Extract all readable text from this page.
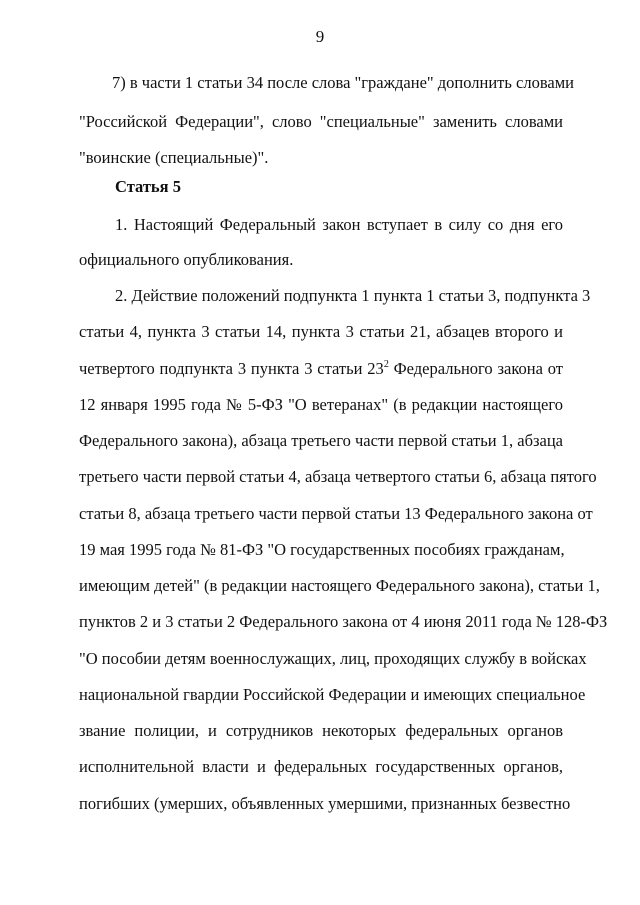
9
7) в части 1 статьи 34 после слова "граждане" дополнить словами
"Российской Федерации", слово "специальные" заменить словами
"воинские (специальные)".
Статья 5
1. Настоящий Федеральный закон вступает в силу со дня его
официального опубликования.
2. Действие положений подпункта 1 пункта 1 статьи 3, подпункта 3
статьи 4, пункта 3 статьи 14, пункта 3 статьи 21, абзацев второго и
четвертого подпункта 3 пункта 3 статьи $23^2$ Федерального закона от
12 января 1995 года № 5-ФЗ "О ветеранах" (в редакции настоящего
Федерального закона), абзаца третьего части первой статьи 1, абзаца
третьего части первой статьи 4, абзаца четвертого статьи 6, абзаца пятого
статьи 8, абзаца третьего части первой статьи 13 Федерального закона от
19 мая 1995 года № 81-ФЗ "О государственных пособиях гражданам,
имеющим детей" (в редакции настоящего Федерального закона), статьи 1,
пунктов 2 и 3 статьи 2 Федерального закона от 4 июня 2011 года № 128-ФЗ
"О пособии детям военнослужащих, лиц, проходящих службу в войсках
национальной гвардии Российской Федерации и имеющих специальное
звание полиции, и сотрудников некоторых федеральных органов
исполнительной власти и федеральных государственных органов,
погибших (умерших, объявленных умершими, признанных безвестно
